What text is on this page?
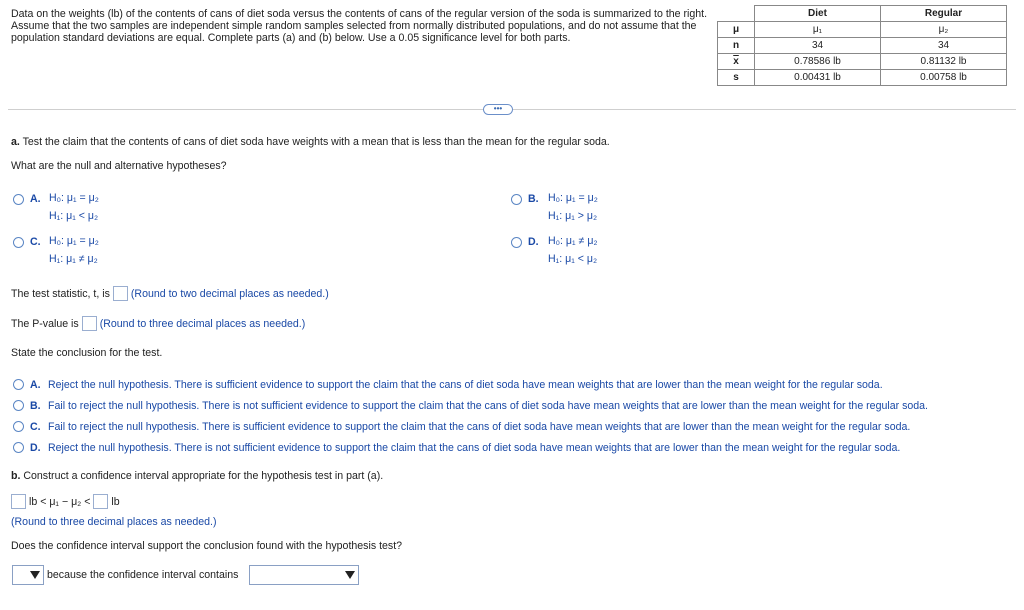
Data on the weights (lb) of the contents of cans of diet soda versus the contents of cans of the regular version of the soda is summarized to the right. Assume that the two samples are independent simple random samples selected from normally distributed populations, and do not assume that the population standard deviations are equal. Complete parts (a) and (b) below. Use a 0.05 significance level for both parts.
	Diet	Regular
μ	μ₁	μ₂
n	34	34
$\overline{x}$	0.78586 lb	0.81132 lb
s	0.00431 lb	0.00758 lb
•••
a. Test the claim that the contents of cans of diet soda have weights with a mean that is less than the mean for the regular soda.
What are the null and alternative hypotheses?
A. H₀: μ₁ = μ₂
H₁: μ₁ < μ₂
B. H₀: μ₁ = μ₂
H₁: μ₁ > μ₂
C. H₀: μ₁ = μ₂
H₁: μ₁ ≠ μ₂
D. H₀: μ₁ ≠ μ₂
H₁: μ₁ < μ₂
The test statistic, t, is (Round to two decimal places as needed.)
The P-value is (Round to three decimal places as needed.)
State the conclusion for the test.
A. Reject the null hypothesis. There is sufficient evidence to support the claim that the cans of diet soda have mean weights that are lower than the mean weight for the regular soda.
B. Fail to reject the null hypothesis. There is not sufficient evidence to support the claim that the cans of diet soda have mean weights that are lower than the mean weight for the regular soda.
C. Fail to reject the null hypothesis. There is sufficient evidence to support the claim that the cans of diet soda have mean weights that are lower than the mean weight for the regular soda.
D. Reject the null hypothesis. There is not sufficient evidence to support the claim that the cans of diet soda have mean weights that are lower than the mean weight for the regular soda.
b. Construct a confidence interval appropriate for the hypothesis test in part (a).
lb < μ₁ − μ₂ < lb
(Round to three decimal places as needed.)
Does the confidence interval support the conclusion found with the hypothesis test?
because the confidence interval contains
